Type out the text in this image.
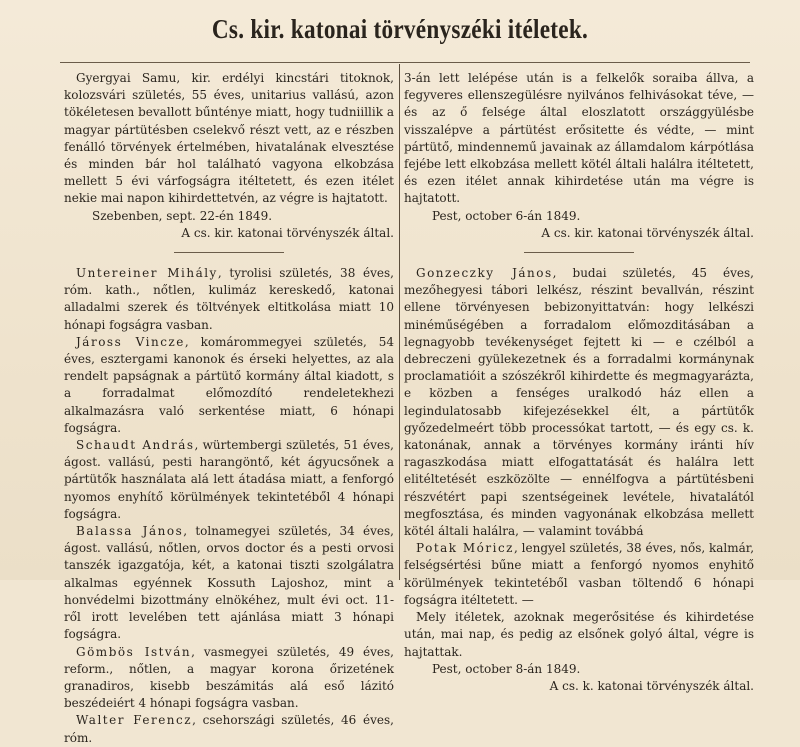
Cs. kir. katonai törvényszéki itéletek.

Gyergyai Samu, kir. erdélyi kincstári titoknok, kolozsvári születés, 55 éves, unitarius vallású, azon tökéletesen bevallott bűnténye miatt, hogy tudniillik a magyar pártütésben cselekvő részt vett, az e részben fenálló törvények értelmében, hivatalának elvesztése és minden bár hol található vagyona elkobzása mellett 5 évi várfogságra itéltetett, és ezen itélet nekie mai napon kihirdettetvén, az végre is hajtatott.

Szebenben, sept. 22-én 1849.

A cs. kir. katonai törvényszék által.

Untereiner Mihály, tyrolisi születés, 38 éves, róm. kath., nőtlen, kulimáz kereskedő, katonai alladalmi szerek és töltvények eltitkolása miatt 10 hónapi fogságra vasban.

Jáross Vincze, komárommegyei születés, 54 éves, esztergami kanonok és érseki helyettes, az ala rendelt papságnak a pártütő kormány által kiadott, s a forradalmat előmozdító rendeletekhezi alkalmazásra való serkentése miatt, 6 hónapi fogságra.

Schaudt András, würtembergi születés, 51 éves, ágost. vallású, pesti harangöntő, két ágyucsőnek a pártütők használata alá lett átadása miatt, a fenforgó nyomos enyhítő körülmények tekintetéből 4 hónapi fogságra.

Balassa János, tolnamegyei születés, 34 éves, ágost. vallású, nőtlen, orvos doctor és a pesti orvosi tanszék igazgatója, két, a katonai tiszti szolgálatra alkalmas egyénnek Kossuth Lajoshoz, mint a honvédelmi bizottmány elnökéhez, mult évi oct. 11-ről irott levelében tett ajánlása miatt 3 hónapi fogságra.

Gömbös István, vasmegyei születés, 49 éves, reform., nőtlen, a magyar korona őrizetének granadiros, kisebb beszámitás alá eső lázitó beszédeiért 4 hónapi fogságra vasban.

Walter Ferencz, csehországi születés, 46 éves, róm.

3-án lett lelépése után is a felkelők soraiba állva, a fegyveres ellenszegülésre nyilvános felhivásokat téve, — és az ő felsége által eloszlatott országgyülésbe visszalépve a pártütést erősitette és védte, — mint pártütő, mindennemű javainak az államdalom kárpótlása fejébe lett elkobzása mellett kötél általi halálra itéltetett, és ezen itélet annak kihirdetése után ma végre is hajtatott.

Pest, october 6-án 1849.

A cs. kir. katonai törvényszék által.

Gonzeczky János, budai születés, 45 éves, mezőhegyesi tábori lelkész, részint bevallván, részint ellene törvényesen bebizonyittatván: hogy lelkészi minéműségében a forradalom előmozditásában a legnagyobb tevékenységet fejtett ki — e czélból a debreczeni gyülekezetnek és a forradalmi kormánynak proclamatióit a szószékről kihirdette és megmagyarázta, e közben a fenséges uralkodó ház ellen a legindulatosabb kifejezésekkel élt, a pártütők győzedelmeért több processókat tartott, — és egy cs. k. katonának, annak a törvényes kormány iránti hív ragaszkodása miatt elfogattatását és halálra lett elitéltetését eszközölte — ennélfogva a pártütésbeni részvétért papi szentségeinek levétele, hivatalától megfosztása, és minden vagyonának elkobzása mellett kötél általi halálra, — valamint továbbá

Potak Móricz, lengyel születés, 38 éves, nős, kalmár, felségsértési bűne miatt a fenforgó nyomos enyhitő körülmények tekintetéből vasban töltendő 6 hónapi fogságra itéltetett. —

Mely itéletek, azoknak megerősitése és kihirdetése után, mai nap, és pedig az elsőnek golyó által, végre is hajtattak.

Pest, october 8-án 1849.

A cs. k. katonai törvényszék által.
